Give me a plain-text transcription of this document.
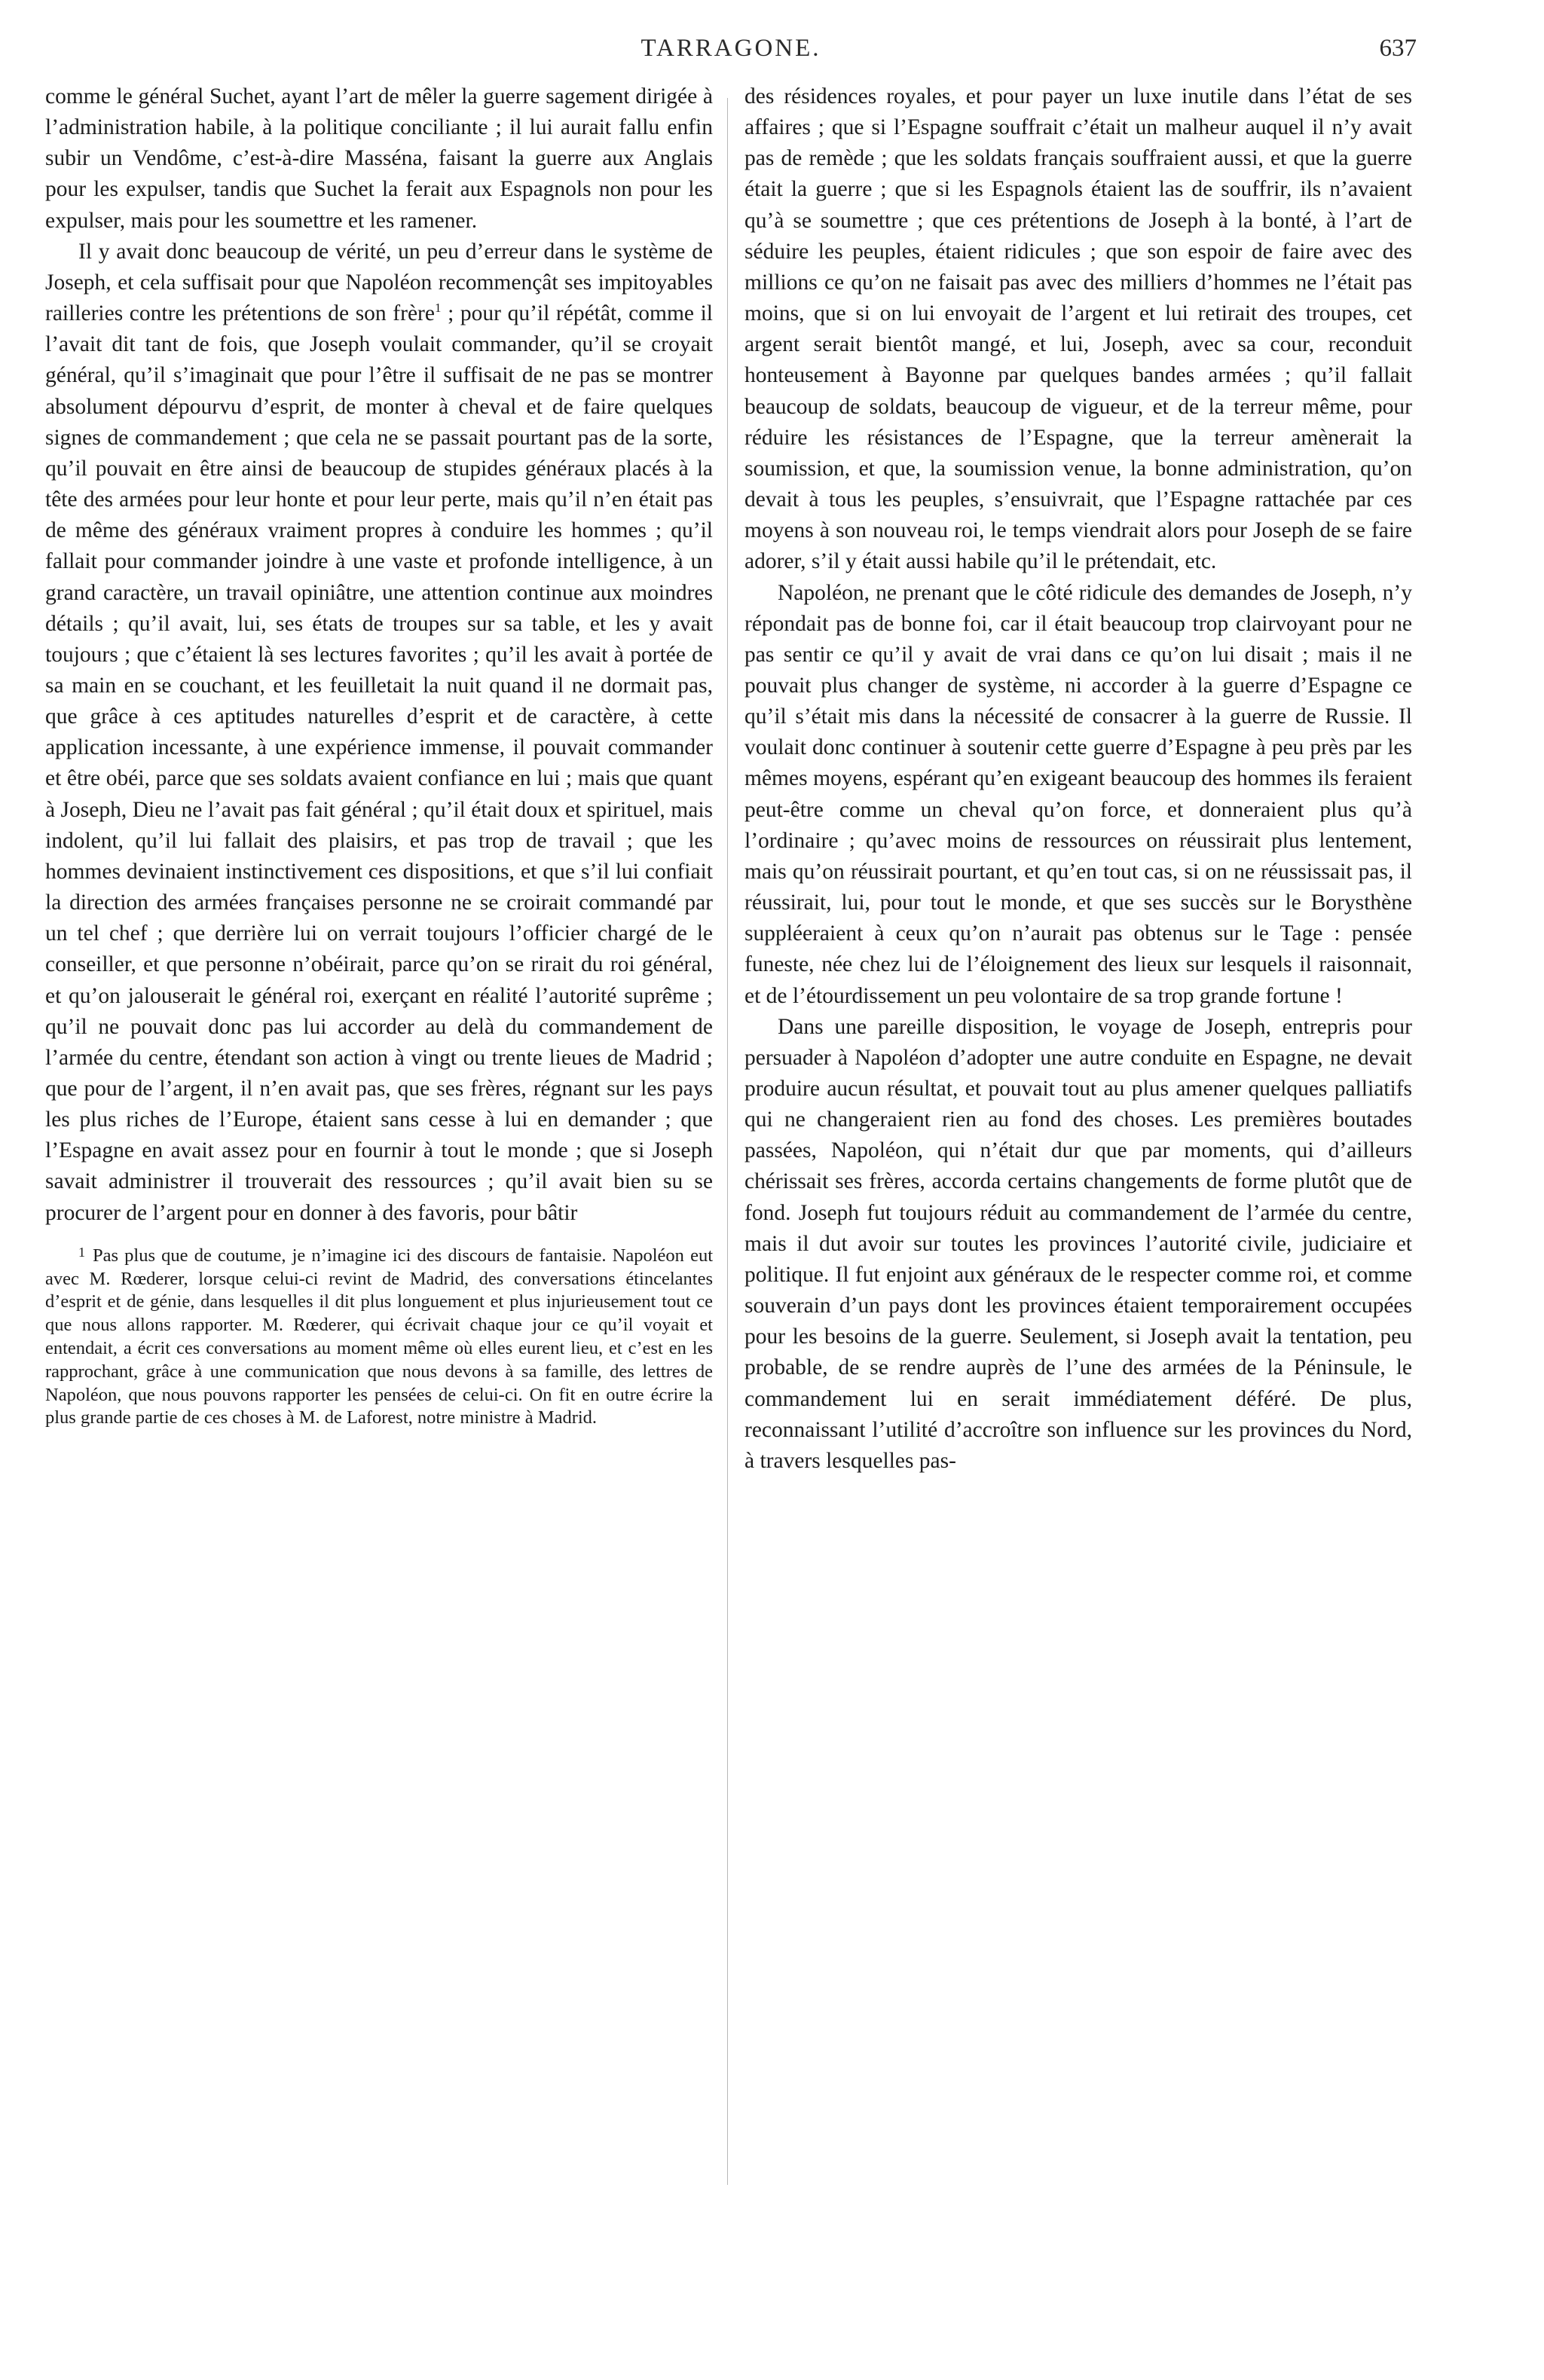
TARRAGONE.	637

comme le général Suchet, ayant l’art de mêler la guerre sagement dirigée à l’administration habile, à la politique conciliante ; il lui aurait fallu enfin subir un Vendôme, c’est-à-dire Masséna, faisant la guerre aux Anglais pour les expulser, tandis que Suchet la ferait aux Espagnols non pour les expulser, mais pour les soumettre et les ramener.

Il y avait donc beaucoup de vérité, un peu d’erreur dans le système de Joseph, et cela suffisait pour que Napoléon recommençât ses impitoyables railleries contre les prétentions de son frère$^1$ ; pour qu’il répétât, comme il l’avait dit tant de fois, que Joseph voulait commander, qu’il se croyait général, qu’il s’imaginait que pour l’être il suffisait de ne pas se montrer absolument dépourvu d’esprit, de monter à cheval et de faire quelques signes de commandement ; que cela ne se passait pourtant pas de la sorte, qu’il pouvait en être ainsi de beaucoup de stupides généraux placés à la tête des armées pour leur honte et pour leur perte, mais qu’il n’en était pas de même des généraux vraiment propres à conduire les hommes ; qu’il fallait pour commander joindre à une vaste et profonde intelligence, à un grand caractère, un travail opiniâtre, une attention continue aux moindres détails ; qu’il avait, lui, ses états de troupes sur sa table, et les y avait toujours ; que c’étaient là ses lectures favorites ; qu’il les avait à portée de sa main en se couchant, et les feuilletait la nuit quand il ne dormait pas, que grâce à ces aptitudes naturelles d’esprit et de caractère, à cette application incessante, à une expérience immense, il pouvait commander et être obéi, parce que ses soldats avaient confiance en lui ; mais que quant à Joseph, Dieu ne l’avait pas fait général ; qu’il était doux et spirituel, mais indolent, qu’il lui fallait des plaisirs, et pas trop de travail ; que les hommes devinaient instinctivement ces dispositions, et que s’il lui confiait la direction des armées françaises personne ne se croirait commandé par un tel chef ; que derrière lui on verrait toujours l’officier chargé de le conseiller, et que personne n’obéirait, parce qu’on se rirait du roi général, et qu’on jalouserait le général roi, exerçant en réalité l’autorité suprême ; qu’il ne pouvait donc pas lui accorder au delà du commandement de l’armée du centre, étendant son action à vingt ou trente lieues de Madrid ; que pour de l’argent, il n’en avait pas, que ses frères, régnant sur les pays les plus riches de l’Europe, étaient sans cesse à lui en demander ; que l’Espagne en avait assez pour en fournir à tout le monde ; que si Joseph savait administrer il trouverait des ressources ; qu’il avait bien su se procurer de l’argent pour en donner à des favoris, pour bâtir

$^1$ Pas plus que de coutume, je n’imagine ici des discours de fantaisie. Napoléon eut avec M. Rœderer, lorsque celui-ci revint de Madrid, des conversations étincelantes d’esprit et de génie, dans lesquelles il dit plus longuement et plus injurieusement tout ce que nous allons rapporter. M. Rœderer, qui écrivait chaque jour ce qu’il voyait et entendait, a écrit ces conversations au moment même où elles eurent lieu, et c’est en les rapprochant, grâce à une communication que nous devons à sa famille, des lettres de Napoléon, que nous pouvons rapporter les pensées de celui-ci. On fit en outre écrire la plus grande partie de ces choses à M. de Laforest, notre ministre à Madrid.

des résidences royales, et pour payer un luxe inutile dans l’état de ses affaires ; que si l’Espagne souffrait c’était un malheur auquel il n’y avait pas de remède ; que les soldats français souffraient aussi, et que la guerre était la guerre ; que si les Espagnols étaient las de souffrir, ils n’avaient qu’à se soumettre ; que ces prétentions de Joseph à la bonté, à l’art de séduire les peuples, étaient ridicules ; que son espoir de faire avec des millions ce qu’on ne faisait pas avec des milliers d’hommes ne l’était pas moins, que si on lui envoyait de l’argent et lui retirait des troupes, cet argent serait bientôt mangé, et lui, Joseph, avec sa cour, reconduit honteusement à Bayonne par quelques bandes armées ; qu’il fallait beaucoup de soldats, beaucoup de vigueur, et de la terreur même, pour réduire les résistances de l’Espagne, que la terreur amènerait la soumission, et que, la soumission venue, la bonne administration, qu’on devait à tous les peuples, s’ensuivrait, que l’Espagne rattachée par ces moyens à son nouveau roi, le temps viendrait alors pour Joseph de se faire adorer, s’il y était aussi habile qu’il le prétendait, etc.

Napoléon, ne prenant que le côté ridicule des demandes de Joseph, n’y répondait pas de bonne foi, car il était beaucoup trop clairvoyant pour ne pas sentir ce qu’il y avait de vrai dans ce qu’on lui disait ; mais il ne pouvait plus changer de système, ni accorder à la guerre d’Espagne ce qu’il s’était mis dans la nécessité de consacrer à la guerre de Russie. Il voulait donc continuer à soutenir cette guerre d’Espagne à peu près par les mêmes moyens, espérant qu’en exigeant beaucoup des hommes ils feraient peut-être comme un cheval qu’on force, et donneraient plus qu’à l’ordinaire ; qu’avec moins de ressources on réussirait plus lentement, mais qu’on réussirait pourtant, et qu’en tout cas, si on ne réussissait pas, il réussirait, lui, pour tout le monde, et que ses succès sur le Borysthène suppléeraient à ceux qu’on n’aurait pas obtenus sur le Tage : pensée funeste, née chez lui de l’éloignement des lieux sur lesquels il raisonnait, et de l’étourdissement un peu volontaire de sa trop grande fortune !

Dans une pareille disposition, le voyage de Joseph, entrepris pour persuader à Napoléon d’adopter une autre conduite en Espagne, ne devait produire aucun résultat, et pouvait tout au plus amener quelques palliatifs qui ne changeraient rien au fond des choses. Les premières boutades passées, Napoléon, qui n’était dur que par moments, qui d’ailleurs chérissait ses frères, accorda certains changements de forme plutôt que de fond. Joseph fut toujours réduit au commandement de l’armée du centre, mais il dut avoir sur toutes les provinces l’autorité civile, judiciaire et politique. Il fut enjoint aux généraux de le respecter comme roi, et comme souverain d’un pays dont les provinces étaient temporairement occupées pour les besoins de la guerre. Seulement, si Joseph avait la tentation, peu probable, de se rendre auprès de l’une des armées de la Péninsule, le commandement lui en serait immédiatement déféré. De plus, reconnaissant l’utilité d’accroître son influence sur les provinces du Nord, à travers lesquelles pas-
